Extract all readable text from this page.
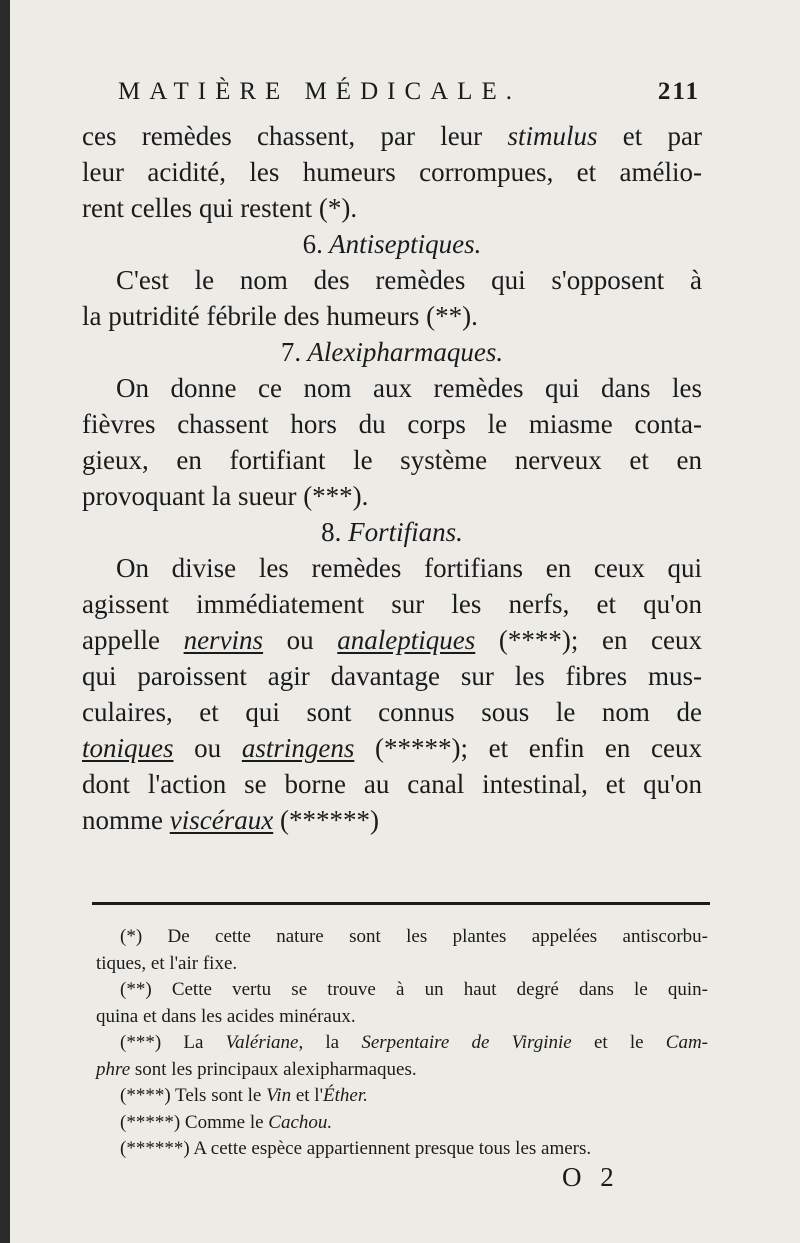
MATIÈRE MÉDICALE.	211
ces remèdes chassent, par leur stimulus et par
leur acidité, les humeurs corrompues, et amélio-
rent celles qui restent (*).
6. Antiseptiques.
C'est le nom des remèdes qui s'opposent à
la putridité fébrile des humeurs (**).
7. Alexipharmaques.
On donne ce nom aux remèdes qui dans les
fièvres chassent hors du corps le miasme conta-
gieux, en fortifiant le système nerveux et en
provoquant la sueur (***).
8. Fortifians.
On divise les remèdes fortifians en ceux qui
agissent immédiatement sur les nerfs, et qu'on
appelle nervins ou analeptiques (****); en ceux
qui paroissent agir davantage sur les fibres mus-
culaires, et qui sont connus sous le nom de
toniques ou astringens (*****); et enfin en ceux
dont l'action se borne au canal intestinal, et qu'on
nomme viscéraux (******)
(*) De cette nature sont les plantes appelées antiscorbu-
tiques, et l'air fixe.
(**) Cette vertu se trouve à un haut degré dans le quin-
quina et dans les acides minéraux.
(***) La Valériane, la Serpentaire de Virginie et le Cam-
phre sont les principaux alexipharmaques.
(****) Tels sont le Vin et l'Éther.
(*****) Comme le Cachou.
(******) A cette espèce appartiennent presque tous les amers.
O 2
